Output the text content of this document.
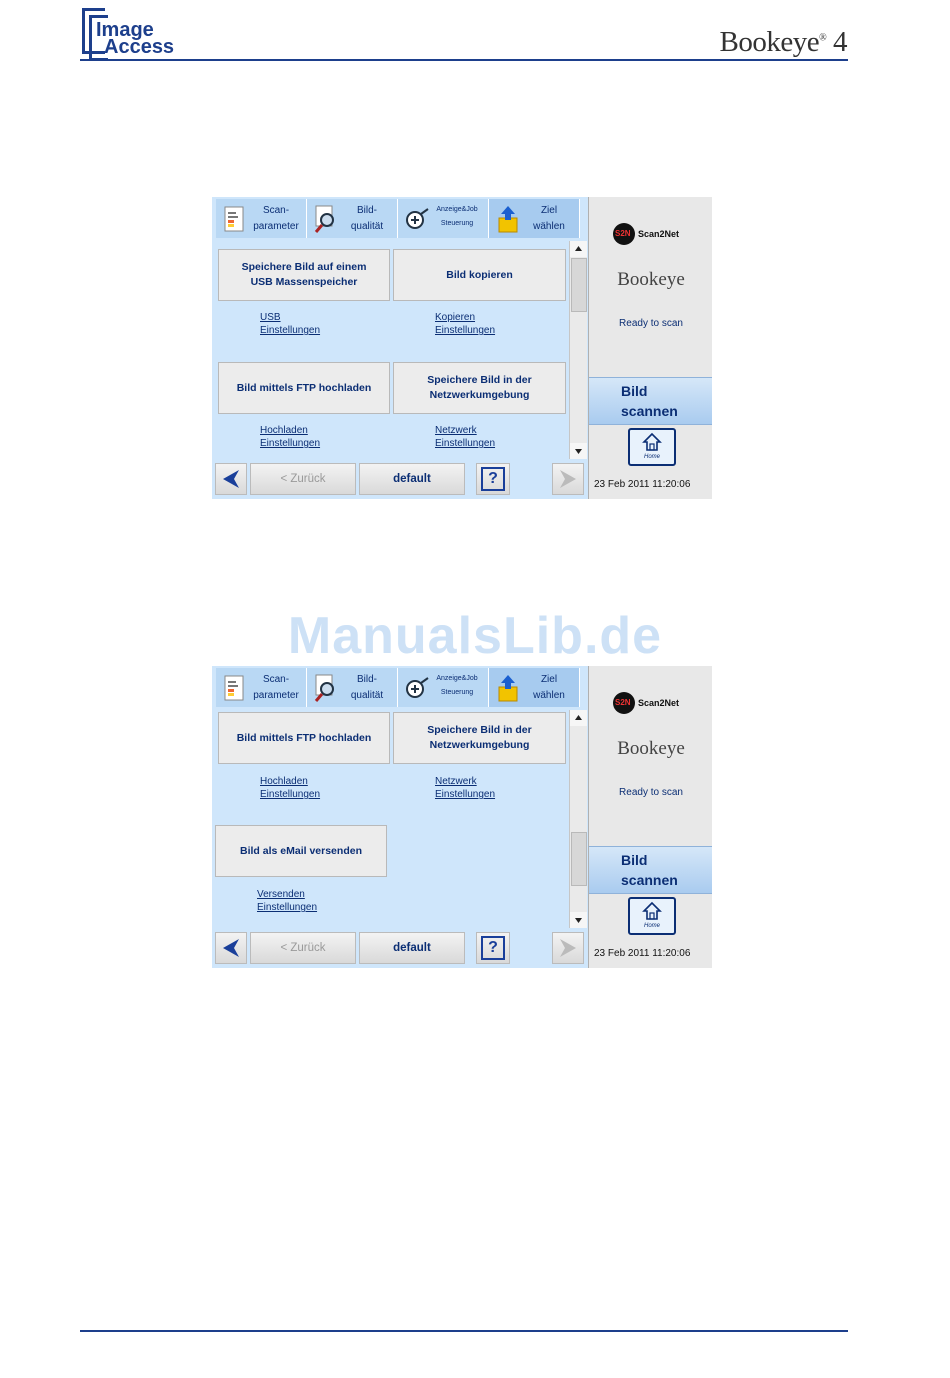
Image
Access	Bookeye® 4
ManualsLib.de
Scan-
parameter
Bild-
qualität
Anzeige&Job
Steuerung
Ziel
wählen
Speichere Bild auf einem
USB Massenspeicher
Bild kopieren
USB
Einstellungen
Kopieren
Einstellungen
Bild mittels FTP hochladen
Speichere Bild in der
Netzwerkumgebung
Hochladen
Einstellungen
Netzwerk
Einstellungen
< Zurück	default	?
S2N Scan2Net
Bookeye
Ready to scan
Bild
scannen
Home
23 Feb 2011 11:20:06
Scan-
parameter
Bild-
qualität
Anzeige&Job
Steuerung
Ziel
wählen
Bild mittels FTP hochladen
Speichere Bild in der
Netzwerkumgebung
Hochladen
Einstellungen
Netzwerk
Einstellungen
Bild als eMail versenden
Versenden
Einstellungen
< Zurück	default	?
S2N Scan2Net
Bookeye
Ready to scan
Bild
scannen
Home
23 Feb 2011 11:20:06
